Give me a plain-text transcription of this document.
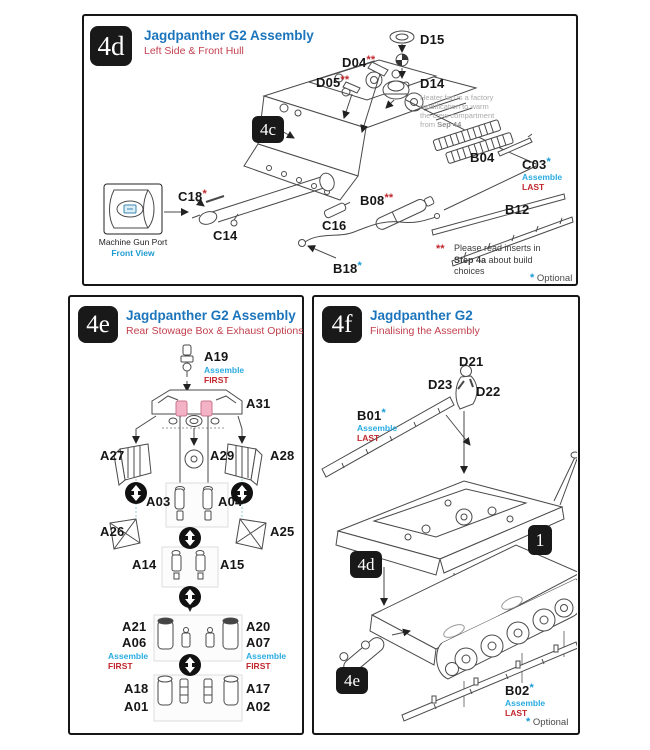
4d	Jagdpanther G2 Assembly
Left Side & Front Hull
4c
D15
D04**
D05**	D14
Heater fan is a factory
modification to warm
the crew compartment
from Sep 44
B04 C03*
Assemble
LAST
B12
C18*
C14
C16
B08**
B18*
Machine Gun Port
Front View	** Please read inserts in
Step 4a about build
choices
* Optional
4e	Jagdpanther G2 Assembly
Rear Stowage Box & Exhaust Options
A19
Assemble
FIRST
A31
A27	A29	A28
A03	A04
A26	A25
A14	A15
A21	A20
A06	A07
Assemble
FIRST
Assemble
FIRST
A18	A17
A01	A02
4f	Jagdpanther G2
Finalising the Assembly
D21
D23 D22
B01*
Assemble
LAST
4d
1
4e
B02*
Assemble
LAST
* Optional
